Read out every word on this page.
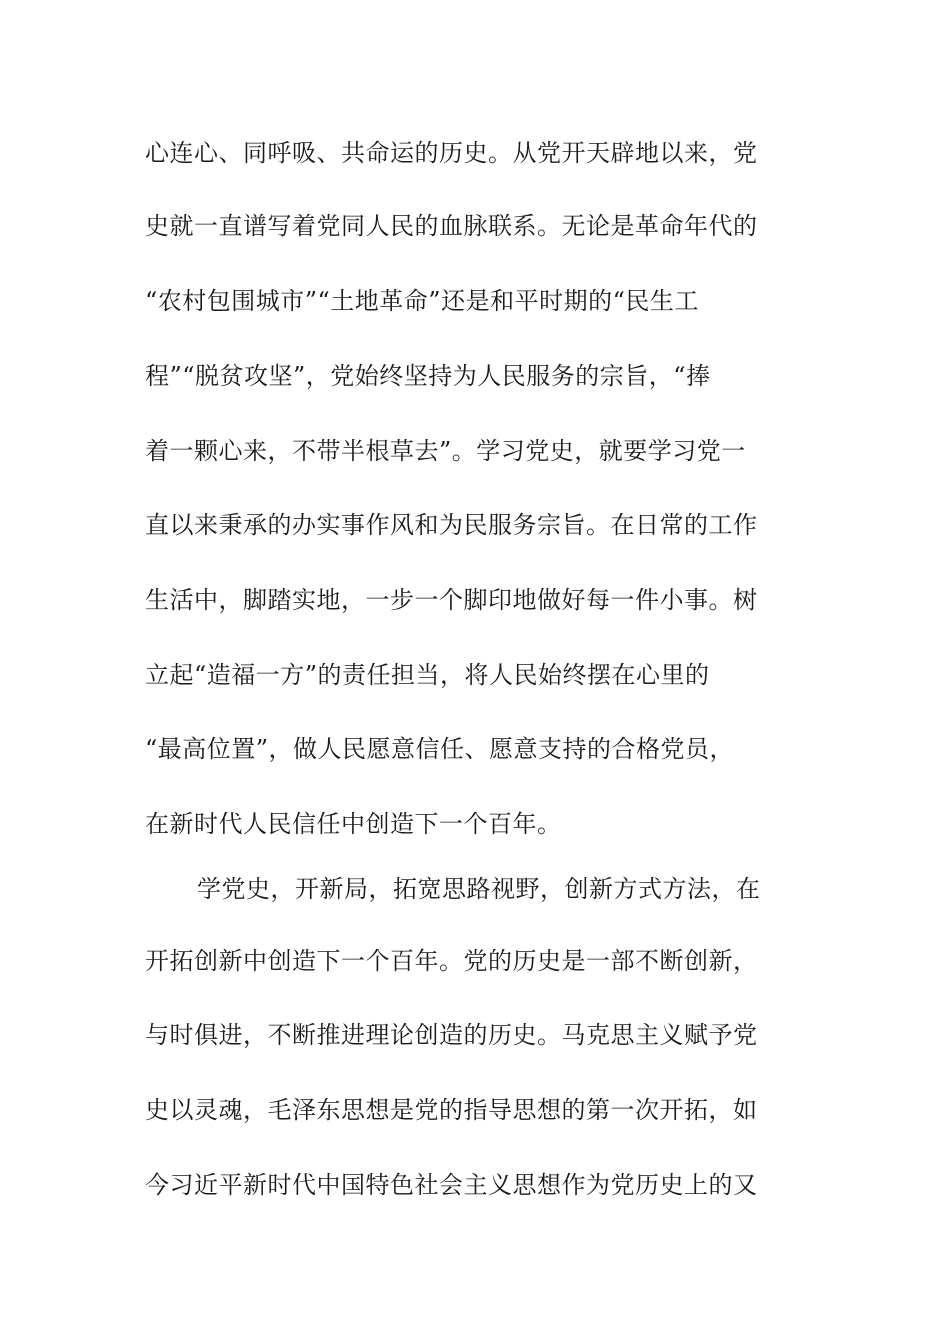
心连心、同呼吸、共命运的历史。从党开天辟地以来，党
史就一直谱写着党同人民的血脉联系。无论是革命年代的
“农村包围城市”“土地革命”还是和平时期的“民生工
程”“脱贫攻坚”，党始终坚持为人民服务的宗旨，“捧
着一颗心来，不带半根草去”。学习党史，就要学习党一
直以来秉承的办实事作风和为民服务宗旨。在日常的工作
生活中，脚踏实地，一步一个脚印地做好每一件小事。树
立起“造福一方”的责任担当，将人民始终摆在心里的
“最高位置”，做人民愿意信任、愿意支持的合格党员，
在新时代人民信任中创造下一个百年。
学党史，开新局，拓宽思路视野，创新方式方法，在
开拓创新中创造下一个百年。党的历史是一部不断创新，
与时俱进，不断推进理论创造的历史。马克思主义赋予党
史以灵魂，毛泽东思想是党的指导思想的第一次开拓，如
今习近平新时代中国特色社会主义思想作为党历史上的又
